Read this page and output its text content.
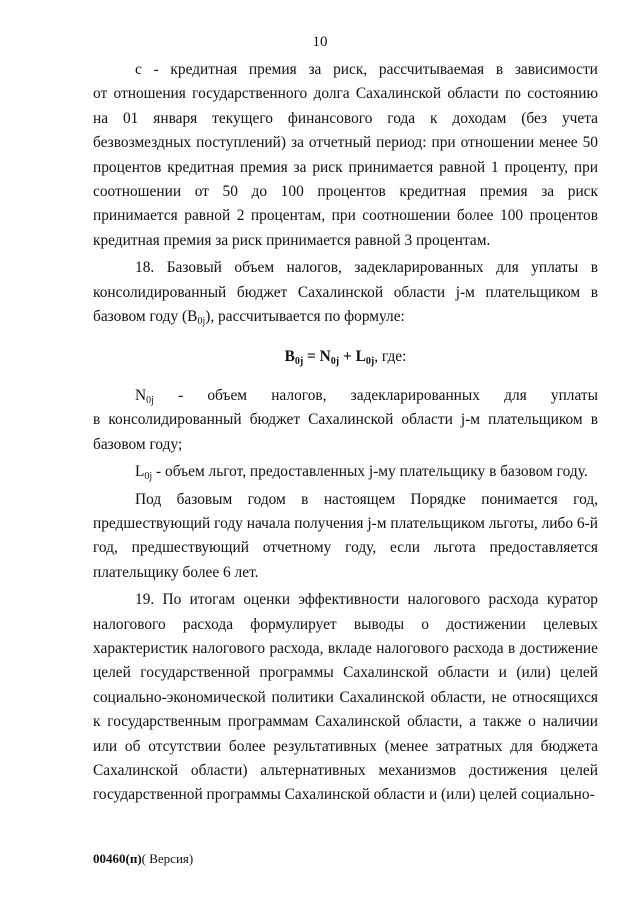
10
с - кредитная премия за риск, рассчитываемая в зависимости

от отношения государственного долга Сахалинской области по состоянию на 01 января текущего финансового года к доходам (без учета безвозмездных поступлений) за отчетный период: при отношении менее 50 процентов кредитная премия за риск принимается равной 1 проценту, при соотношении от 50 до 100 процентов кредитная премия за риск принимается равной 2 процентам, при соотношении более 100 процентов кредитная премия за риск принимается равной 3 процентам.

18. Базовый объем налогов, задекларированных для уплаты в консолидированный бюджет Сахалинской области j-м плательщиком в базовом году $(B_{0j})$, рассчитывается по формуле:

$B_{0j} = N_{0j} + L_{0j}$, где:

$N_{0j}$ - объем налогов, задекларированных для уплаты

в консолидированный бюджет Сахалинской области j-м плательщиком в базовом году;

$L_{0j}$ - объем льгот, предоставленных j-му плательщику в базовом году.

Под базовым годом в настоящем Порядке понимается год, предшествующий году начала получения j-м плательщиком льготы, либо 6-й год, предшествующий отчетному году, если льгота предоставляется плательщику более 6 лет.

19. По итогам оценки эффективности налогового расхода куратор налогового расхода формулирует выводы о достижении целевых характеристик налогового расхода, вкладе налогового расхода в достижение целей государственной программы Сахалинской области и (или) целей социально-экономической политики Сахалинской области, не относящихся к государственным программам Сахалинской области, а также о наличии или об отсутствии более результативных (менее затратных для бюджета Сахалинской области) альтернативных механизмов достижения целей государственной программы Сахалинской области и (или) целей социально-

00460(п)( Версия)
